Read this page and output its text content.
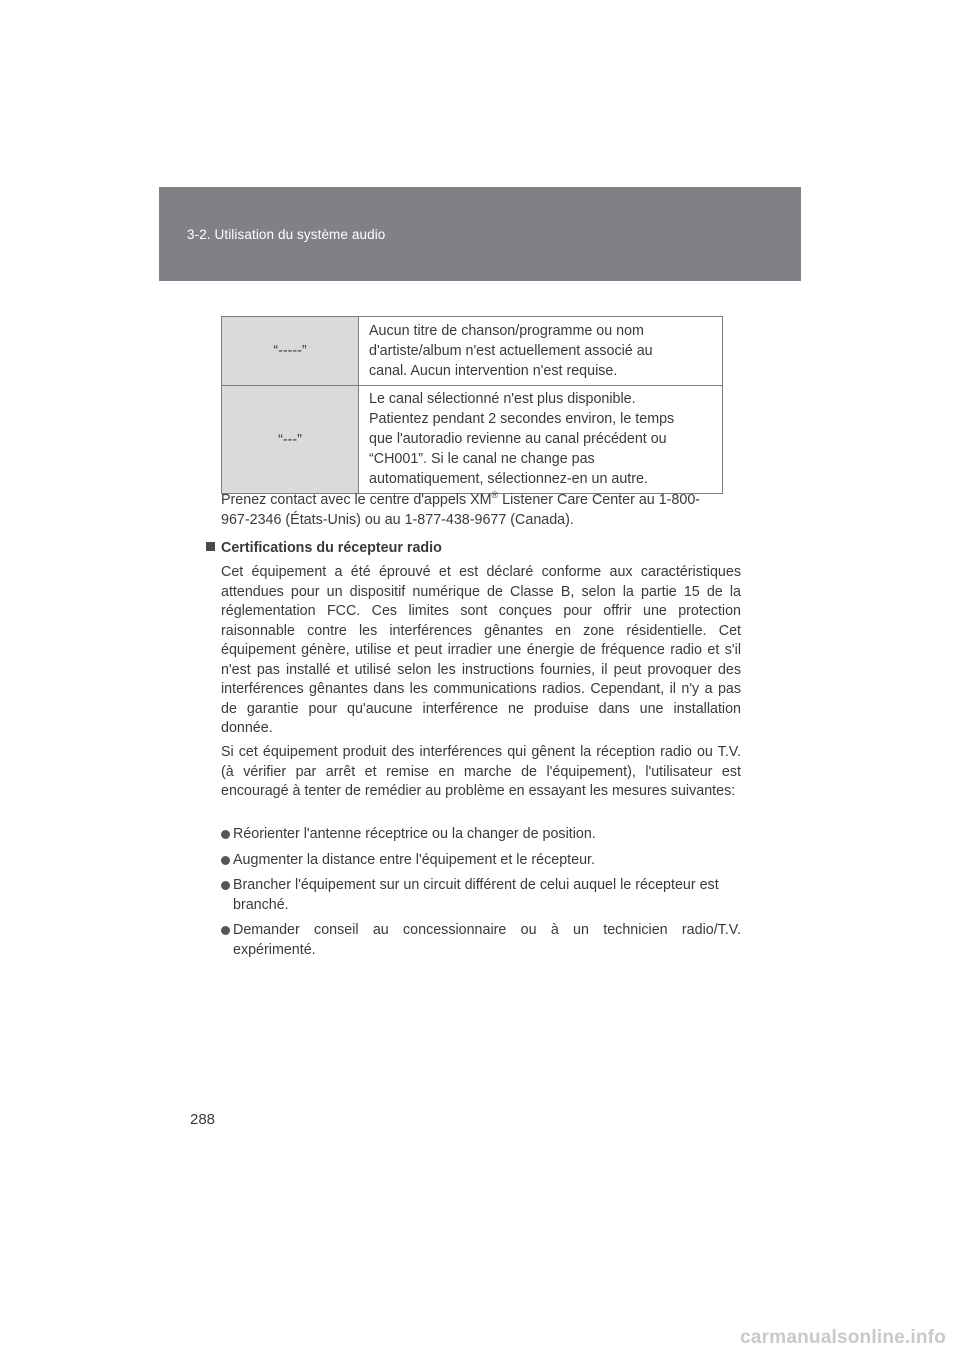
3-2. Utilisation du système audio
“-----”	Aucun titre de chanson/programme ou nom
d'artiste/album n'est actuellement associé au
canal. Aucun intervention n'est requise.

“---”	Le canal sélectionné n'est plus disponible.
Patientez pendant 2 secondes environ, le temps
que l'autoradio revienne au canal précédent ou
“CH001”. Si le canal ne change pas
automatiquement, sélectionnez-en un autre.
Prenez contact avec le centre d'appels XM® Listener Care Center au 1-800-
967-2346 (États-Unis) ou au 1-877-438-9677 (Canada).
Certifications du récepteur radio
Cet équipement a été éprouvé et est déclaré conforme aux caractéristiques attendues pour un dispositif numérique de Classe B, selon la partie 15 de la réglementation FCC. Ces limites sont conçues pour offrir une protection raisonnable contre les interférences gênantes en zone résidentielle. Cet équipement génère, utilise et peut irradier une énergie de fréquence radio et s'il n'est pas installé et utilisé selon les instructions fournies, il peut provoquer des interférences gênantes dans les communications radios. Cependant, il n'y a pas de garantie pour qu'aucune interférence ne produise dans une installation donnée.
Si cet équipement produit des interférences qui gênent la réception radio ou T.V. (à vérifier par arrêt et remise en marche de l'équipement), l'utilisateur est encouragé à tenter de remédier au problème en essayant les mesures suivantes:
Réorienter l'antenne réceptrice ou la changer de position.
Augmenter la distance entre l'équipement et le récepteur.
Brancher l'équipement sur un circuit différent de celui auquel le récepteur est branché.
Demander conseil au concessionnaire ou à un technicien radio/T.V. expérimenté.
288
carmanualsonline.info
